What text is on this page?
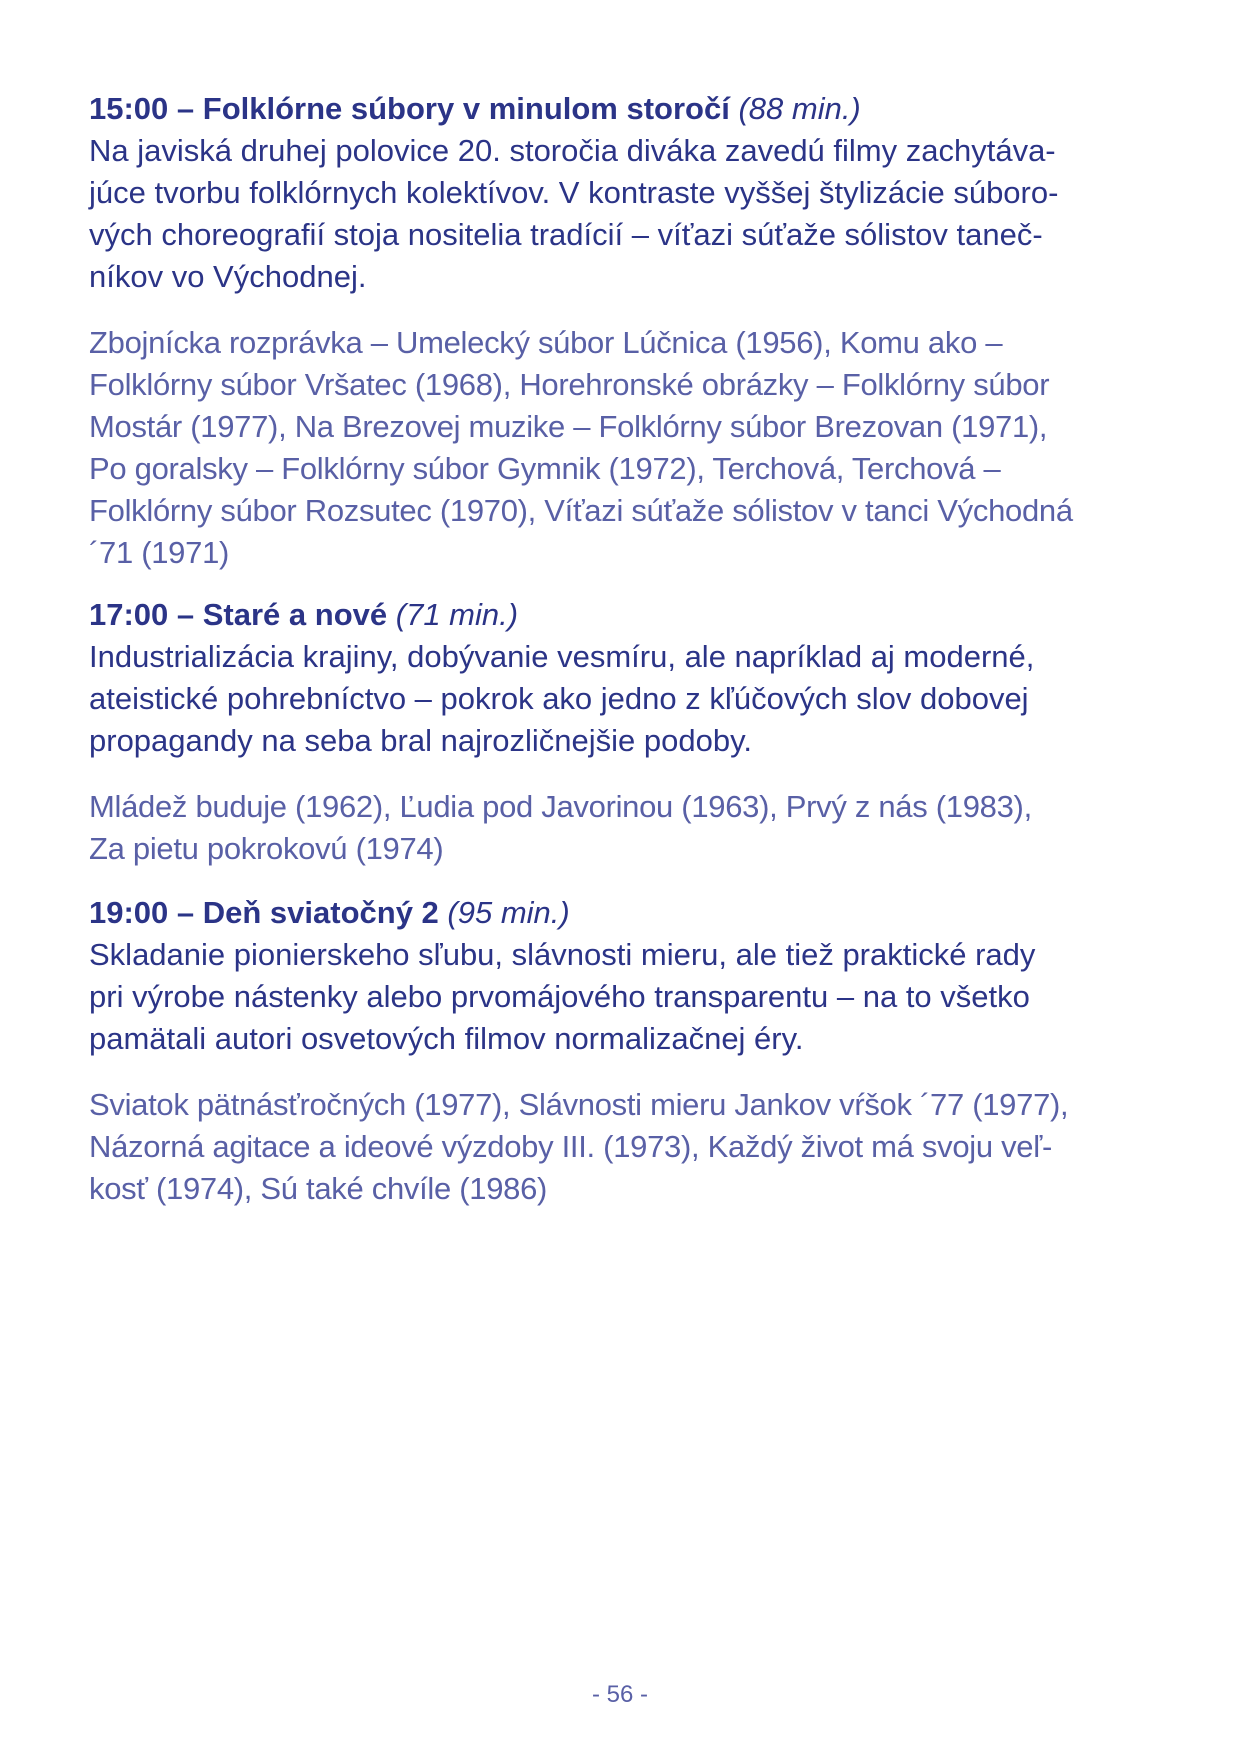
15:00 – Folklórne súbory v minulom storočí (88 min.)

Na javiská druhej polovice 20. storočia diváka zavedú filmy zachytáva-
júce tvorbu folklórnych kolektívov. V kontraste vyššej štylizácie súboro-
vých choreografií stoja nositelia tradícií – víťazi súťaže sólistov taneč-
níkov vo Východnej.

Zbojnícka rozprávka – Umelecký súbor Lúčnica (1956), Komu ako –
Folklórny súbor Vršatec (1968), Horehronské obrázky – Folklórny súbor
Mostár (1977), Na Brezovej muzike – Folklórny súbor Brezovan (1971),
Po goralsky – Folklórny súbor Gymnik (1972), Terchová, Terchová –
Folklórny súbor Rozsutec (1970), Víťazi súťaže sólistov v tanci Východná
´71 (1971)

17:00 – Staré a nové (71 min.)

Industrializácia krajiny, dobývanie vesmíru, ale napríklad aj moderné,
ateistické pohrebníctvo – pokrok ako jedno z kľúčových slov dobovej
propagandy na seba bral najrozličnejšie podoby.

Mládež buduje (1962), Ľudia pod Javorinou (1963), Prvý z nás (1983),
Za pietu pokrokovú (1974)

19:00 – Deň sviatočný 2 (95 min.)

Skladanie pionierskeho sľubu, slávnosti mieru, ale tiež praktické rady
pri výrobe nástenky alebo prvomájového transparentu – na to všetko
pamätali autori osvetových filmov normalizačnej éry.

Sviatok pätnásťročných (1977), Slávnosti mieru Jankov vŕšok ´77 (1977),
Názorná agitace a ideové výzdoby III. (1973), Každý život má svoju veľ-
kosť (1974), Sú také chvíle (1986)

- 56 -
